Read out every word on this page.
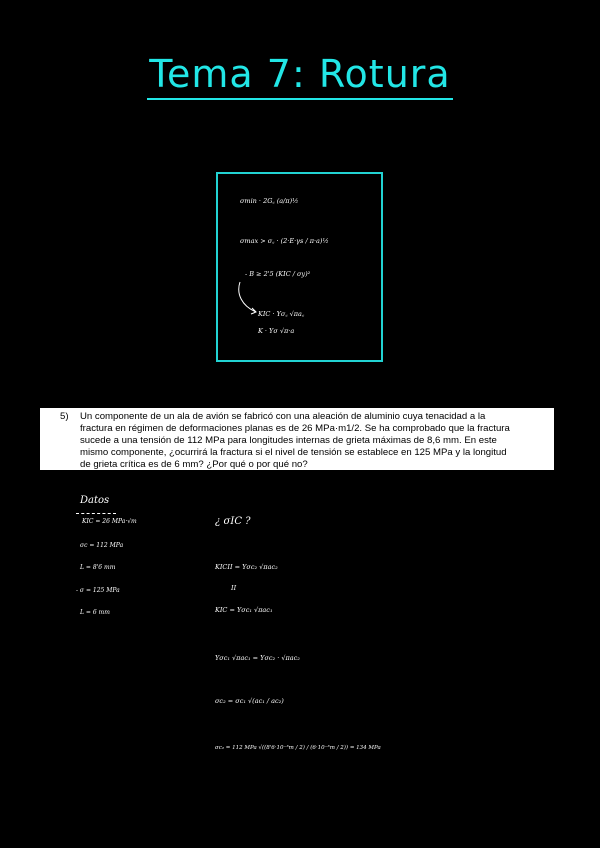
Tema 7: Rotura
σmin · 2G꜀ (a/π)½
σmax > σ꜀ · (2·E·γs / π·a)½
- B ≥ 2'5 (KIC / σy)²
KIC · Yσ꜀ √πa꜀
K · Yσ √π·a
5) Un componente de un ala de avión se fabricó con una aleación de aluminio cuya tenacidad a la
fractura en régimen de deformaciones planas es de 26 MPa·m1/2. Se ha comprobado que la fractura
sucede a una tensión de 112 MPa para longitudes internas de grieta máximas de 8,6 mm. En este
mismo componente, ¿ocurrirá la fractura si el nivel de tensión se establece en 125 MPa y la longitud
de grieta crítica es de 6 mm? ¿Por qué o por qué no?
Datos
KIC = 26 MPa·√m
σc = 112 MPa
L = 8'6 mm
- σ = 125 MPa
L = 6 mm
¿ σIC ?
KICII = Yσc₂ √πac₂
II
KIC = Yσc₁ √πac₁
Yσc₁ √πac₁ = Yσc₂ · √πac₂
σc₂ = σc₁ √(ac₁ / ac₂)
σc₂ = 112 MPa √((8'6·10⁻³m / 2) / (6·10⁻³m / 2)) = 134 MPa
